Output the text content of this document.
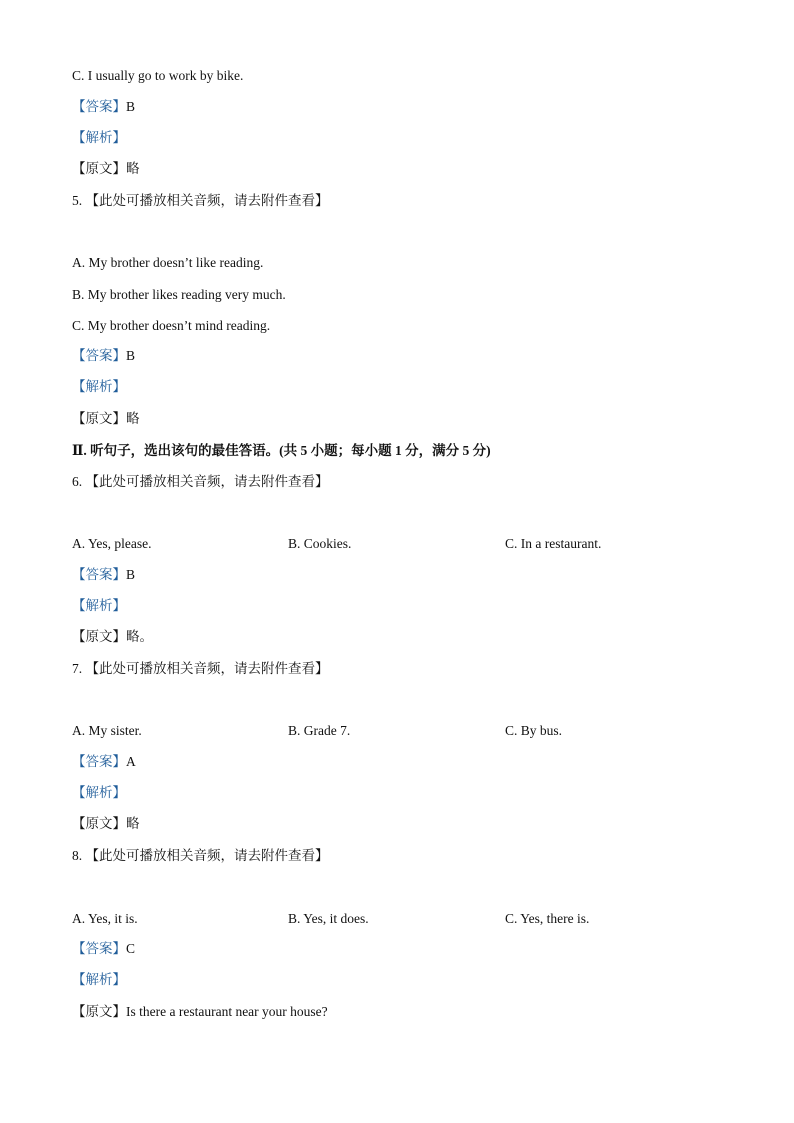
C. I usually go to work by bike.
【答案】B
【解析】
【原文】略
5. 【此处可播放相关音频，请去附件查看】
A. My brother doesn’t like reading.
B. My brother likes reading very much.
C. My brother doesn’t mind reading.
【答案】B
【解析】
【原文】略
Ⅱ. 听句子，选出该句的最佳答语。(共 5 小题；每小题 1 分，满分 5 分)
6. 【此处可播放相关音频，请去附件查看】
A. Yes, please.	B. Cookies.	C. In a restaurant.
【答案】B
【解析】
【原文】略。
7. 【此处可播放相关音频，请去附件查看】
A. My sister.	B. Grade 7.	C. By bus.
【答案】A
【解析】
【原文】略
8. 【此处可播放相关音频，请去附件查看】
A. Yes, it is.	B. Yes, it does.	C. Yes, there is.
【答案】C
【解析】
【原文】Is there a restaurant near your house?
